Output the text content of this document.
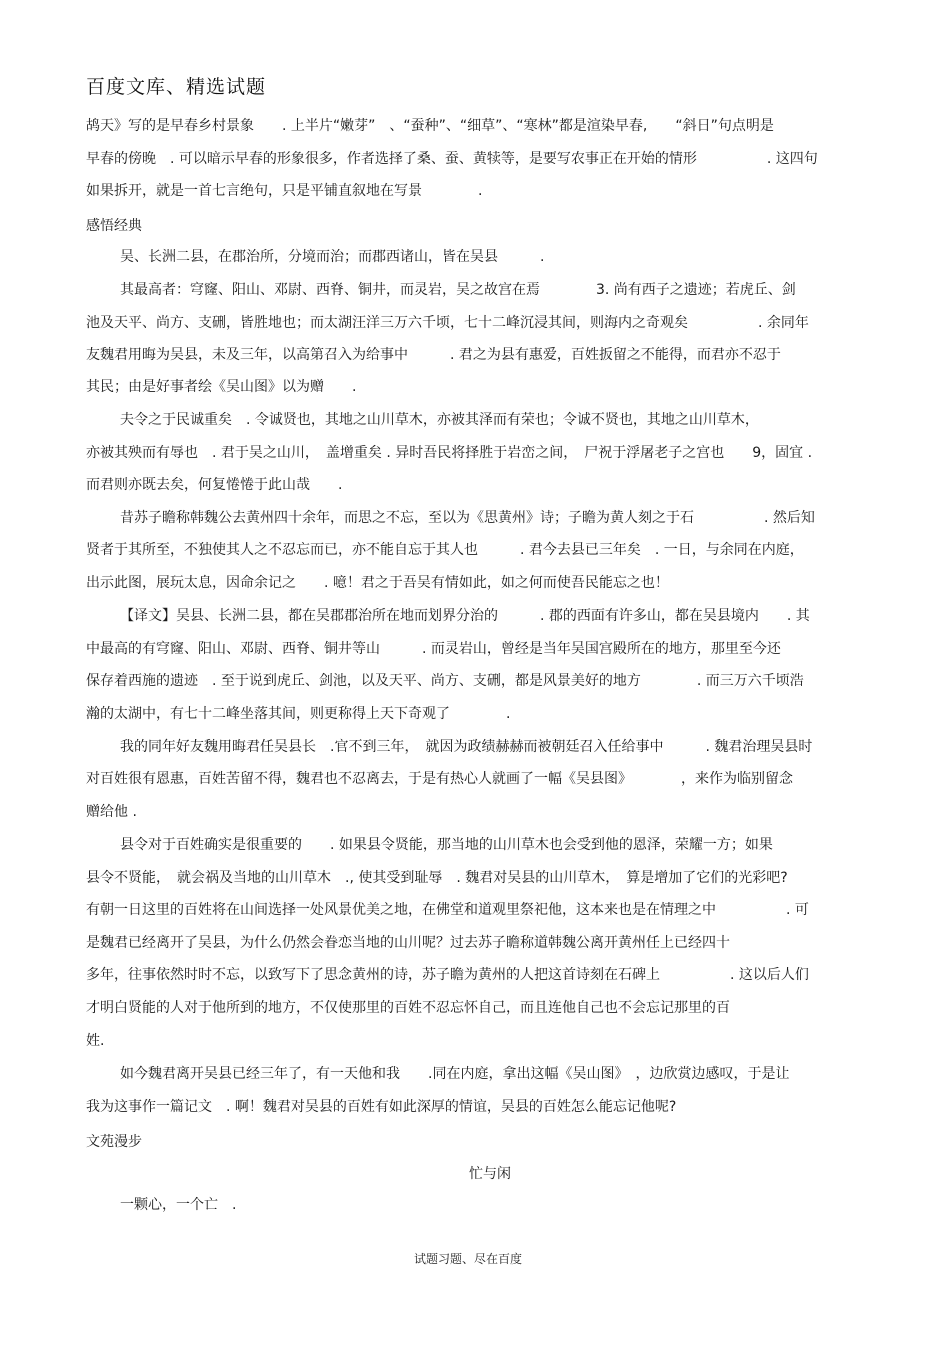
百度文库、精选试题
鸪天》写的是早春乡村景象　　. 上半片“嫩芽”　、“蚕种”、“细草”、“寒林”都是渲染早春,　　“斜日”句点明是
早春的傍晚　. 可以暗示早春的形象很多，作者选择了桑、蚕、黄犊等，是要写农事正在开始的情形　　　　　. 这四句
如果拆开，就是一首七言绝句，只是平铺直叙地在写景　　　　.
感悟经典
吴、长洲二县，在郡治所，分境而治；而郡西诸山，皆在吴县　　　.
其最高者：穹窿、阳山、邓尉、西脊、铜井，而灵岩，吴之故宫在焉　　　　3. 尚有西子之遗迹；若虎丘、剑
池及天平、尚方、支硎，皆胜地也；而太湖汪洋三万六千顷，七十二峰沉浸其间，则海内之奇观矣　　　　　. 余同年
友魏君用晦为吴县，未及三年，以高第召入为给事中　　　. 君之为县有惠爱，百姓扳留之不能得，而君亦不忍于
其民；由是好事者绘《吴山图》以为赠　　.
夫令之于民诚重矣　. 令诚贤也，其地之山川草木，亦被其泽而有荣也；令诚不贤也，其地之山川草木，
亦被其殃而有辱也　. 君于吴之山川，　盖增重矣 . 异时吾民将择胜于岩峦之间，　尸祝于浮屠老子之宫也　　9，固宜 .
而君则亦既去矣，何复惓惓于此山哉　　.
昔苏子瞻称韩魏公去黄州四十余年，而思之不忘，至以为《思黄州》诗；子瞻为黄人刻之于石　　　　　. 然后知
贤者于其所至，不独使其人之不忍忘而已，亦不能自忘于其人也　　　. 君今去县已三年矣　. 一日，与余同在内庭，
出示此图，展玩太息，因命余记之　　. 噫！君之于吾吴有情如此，如之何而使吾民能忘之也！
【译文】吴县、长洲二县，都在吴郡郡治所在地而划界分治的　　　. 郡的西面有许多山，都在吴县境内　　. 其
中最高的有穹窿、阳山、邓尉、西脊、铜井等山　　　. 而灵岩山，曾经是当年吴国宫殿所在的地方，那里至今还
保存着西施的遗迹　. 至于说到虎丘、剑池，以及天平、尚方、支硎，都是风景美好的地方　　　　. 而三万六千顷浩
瀚的太湖中，有七十二峰坐落其间，则更称得上天下奇观了　　　　.
我的同年好友魏用晦君任吴县长　.官不到三年，　就因为政绩赫赫而被朝廷召入任给事中　　　. 魏君治理吴县时
对百姓很有恩惠，百姓苦留不得，魏君也不忍离去，于是有热心人就画了一幅《吴县图》　　　　，来作为临别留念
赠给他 .
县令对于百姓确实是很重要的　　. 如果县令贤能，那当地的山川草木也会受到他的恩泽，荣耀一方；如果
县令不贤能，　就会祸及当地的山川草木　., 使其受到耻辱　. 魏君对吴县的山川草木，　算是增加了它们的光彩吧?
有朝一日这里的百姓将在山间选择一处风景优美之地，在佛堂和道观里祭祀他，这本来也是在情理之中　　　　　. 可
是魏君已经离开了吴县，为什么仍然会眷恋当地的山川呢？过去苏子瞻称道韩魏公离开黄州任上已经四十
多年，往事依然时时不忘，以致写下了思念黄州的诗，苏子瞻为黄州的人把这首诗刻在石碑上　　　　　. 这以后人们
才明白贤能的人对于他所到的地方，不仅使那里的百姓不忍忘怀自己，而且连他自己也不会忘记那里的百
姓.
如今魏君离开吴县已经三年了，有一天他和我　　.同在内庭，拿出这幅《吴山图》　，边欣赏边感叹，于是让
我为这事作一篇记文　. 啊！魏君对吴县的百姓有如此深厚的情谊，吴县的百姓怎么能忘记他呢?
文苑漫步
忙与闲
一颗心，一个亡　.
试题习题、尽在百度
